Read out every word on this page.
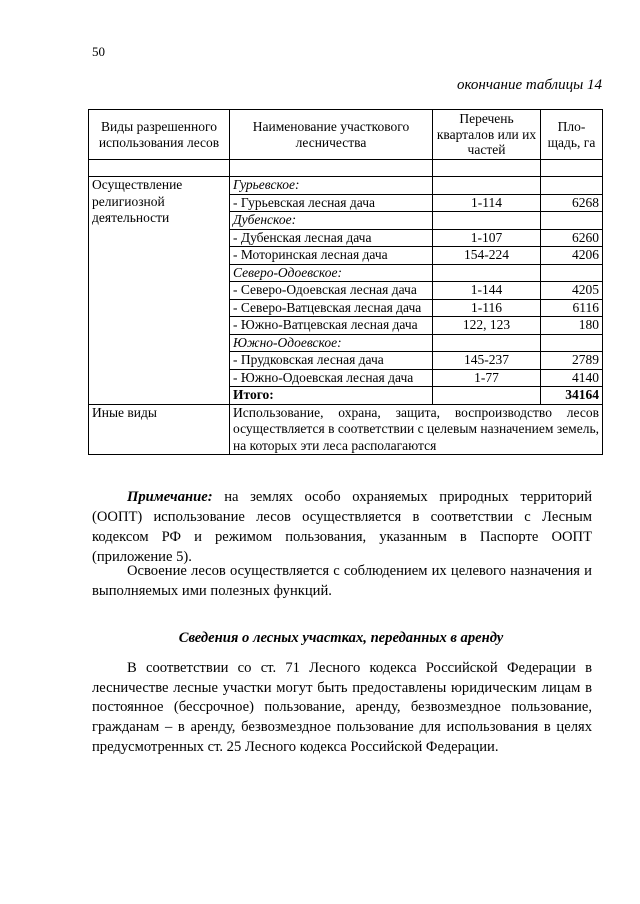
50
окончание таблицы 14
Виды разрешенного использования лесов	Наименование участкового лесничества	Перечень кварталов или их частей	Пло-щадь, га

Осуществление религиозной деятельности	Гурьевское:		
	- Гурьевская лесная дача	1-114	6268
	Дубенское:		
	- Дубенская лесная дача	1-107	6260
	- Моторинская лесная дача	154-224	4206
	Северо-Одоевское:		
	- Северо-Одоевская лесная дача	1-144	4205
	- Северо-Ватцевская лесная дача	1-116	6116
	- Южно-Ватцевская лесная дача	122, 123	180
	Южно-Одоевское:		
	- Прудковская лесная дача	145-237	2789
	- Южно-Одоевская лесная дача	1-77	4140
	Итого:		34164
Иные виды	Использование, охрана, защита, воспроизводство лесов осуществляется в соответствии с целевым назначением земель, на которых эти леса располагаются		
Примечание: на землях особо охраняемых природных территорий (ООПТ) использование лесов осуществляется в соответствии с Лесным кодексом РФ и режимом пользования, указанным в Паспорте ООПТ (приложение 5).
Освоение лесов осуществляется с соблюдением их целевого назначения и выполняемых ими полезных функций.
Сведения о лесных участках, переданных в аренду
В соответствии со ст. 71 Лесного кодекса Российской Федерации в лесничестве лесные участки могут быть предоставлены юридическим лицам в постоянное (бессрочное) пользование, аренду, безвозмездное пользование, гражданам – в аренду, безвозмездное пользование для использования в целях предусмотренных ст. 25 Лесного кодекса Российской Федерации.
